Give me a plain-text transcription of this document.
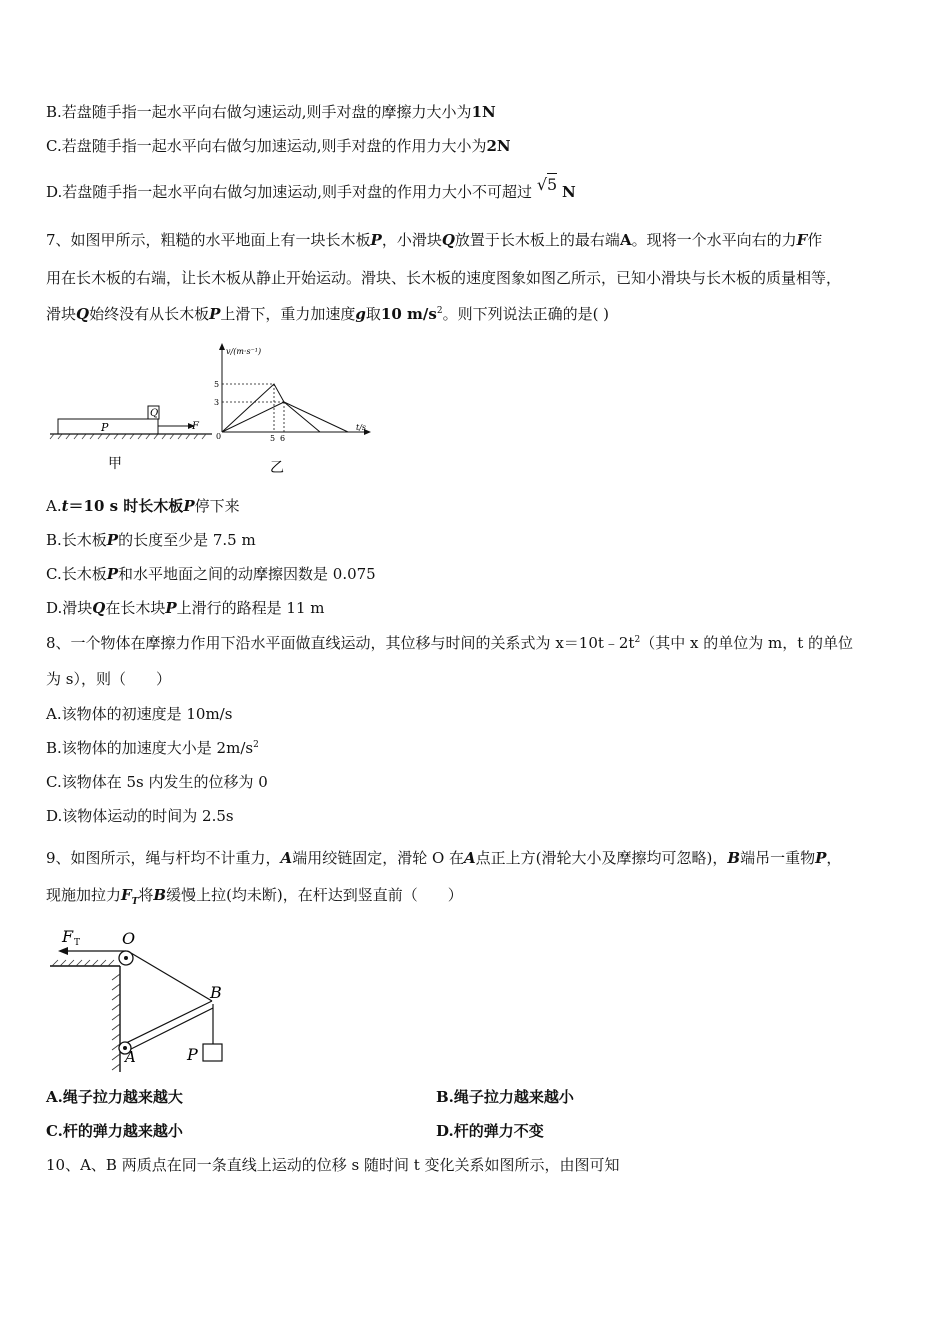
B.若盘随手指一起水平向右做匀速运动,则手对盘的摩擦力大小为1N
C.若盘随手指一起水平向右做匀加速运动,则手对盘的作用力大小为2N
D.若盘随手指一起水平向右做匀加速运动,则手对盘的作用力大小不可超过 √5 N
7、如图甲所示，粗糙的水平地面上有一块长木板P，小滑块Q放置于长木板上的最右端A。现将一个水平向右的力F作
用在长木板的右端，让长木板从静止开始运动。滑块、长木板的速度图象如图乙所示，已知小滑块与长木板的质量相等，
滑块Q始终没有从长木板P上滑下，重力加速度g取10 $m/s^2$。则下列说法正确的是( )
P
Q
F
甲
v/(m·s⁻¹)
t/s
0
5
3
5 6
乙
A.t＝10 s 时长木板P停下来
B.长木板P的长度至少是 7.5 m
C.长木板P和水平地面之间的动摩擦因数是 0.075
D.滑块Q在长木块P上滑行的路程是 11 m
8、一个物体在摩擦力作用下沿水平面做直线运动，其位移与时间的关系式为 $x=10t﹣2t^2$（其中 x 的单位为 m，t 的单位
为 s），则（　　）
A.该物体的初速度是 10m/s
B.该物体的加速度大小是 $2m/s^2$
C.该物体在 5s 内发生的位移为 0
D.该物体运动的时间为 2.5s
9、如图所示，绳与杆均不计重力，A端用绞链固定，滑轮 O 在A点正上方(滑轮大小及摩擦均可忽略)，B端吊一重物P，
现施加拉力$F_T$将B缓慢上拉(均未断)，在杆达到竖直前（　　）
F T	O
A
B
P
A.绳子拉力越来越大	B.绳子拉力越来越小
C.杆的弹力越来越小	D.杆的弹力不变
10、A、B 两质点在同一条直线上运动的位移 s 随时间 t 变化关系如图所示，由图可知
